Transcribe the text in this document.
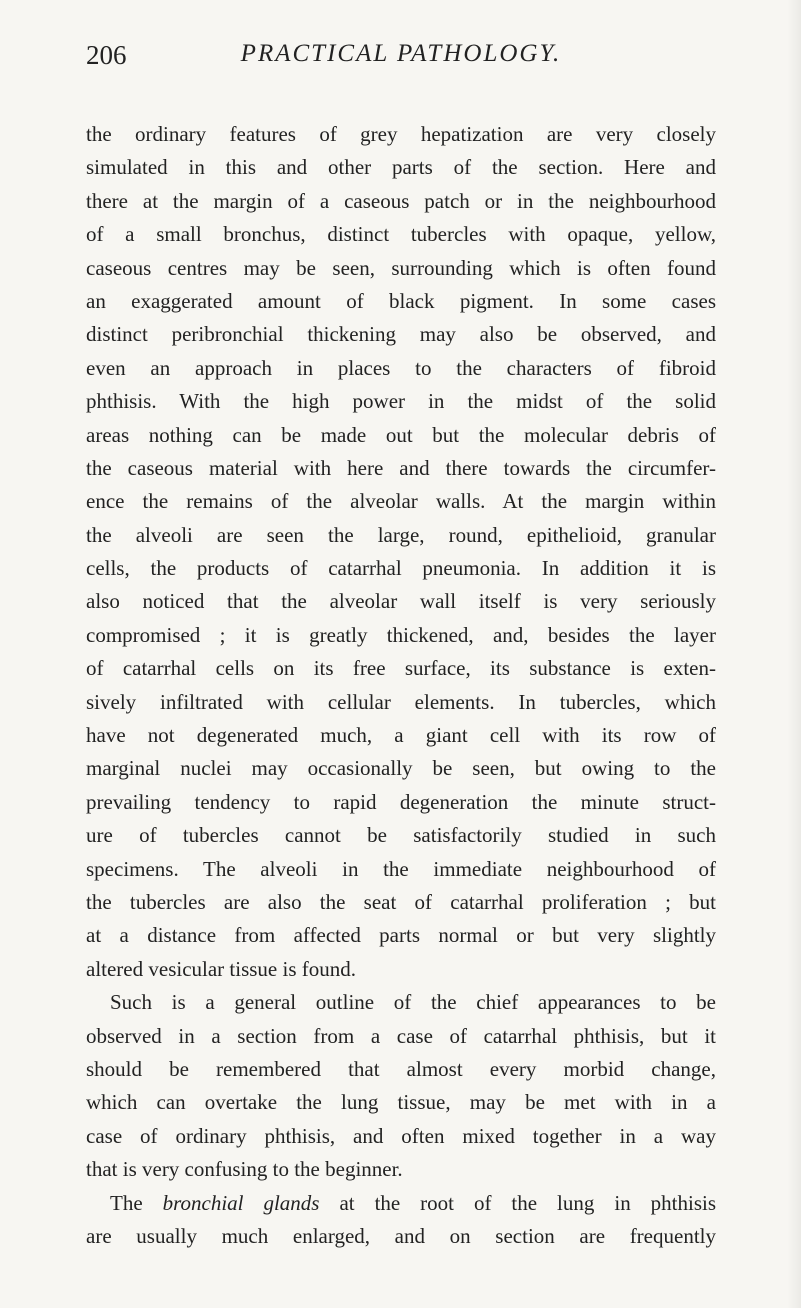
206	PRACTICAL PATHOLOGY.
the ordinary features of grey hepatization are very closely
simulated in this and other parts of the section. Here and
there at the margin of a caseous patch or in the neighbourhood
of a small bronchus, distinct tubercles with opaque, yellow,
caseous centres may be seen, surrounding which is often found
an exaggerated amount of black pigment. In some cases
distinct peribronchial thickening may also be observed, and
even an approach in places to the characters of fibroid
phthisis. With the high power in the midst of the solid
areas nothing can be made out but the molecular debris of
the caseous material with here and there towards the circumfer-
ence the remains of the alveolar walls. At the margin within
the alveoli are seen the large, round, epithelioid, granular
cells, the products of catarrhal pneumonia. In addition it is
also noticed that the alveolar wall itself is very seriously
compromised ; it is greatly thickened, and, besides the layer
of catarrhal cells on its free surface, its substance is exten-
sively infiltrated with cellular elements. In tubercles, which
have not degenerated much, a giant cell with its row of
marginal nuclei may occasionally be seen, but owing to the
prevailing tendency to rapid degeneration the minute struct-
ure of tubercles cannot be satisfactorily studied in such
specimens. The alveoli in the immediate neighbourhood of
the tubercles are also the seat of catarrhal proliferation ; but
at a distance from affected parts normal or but very slightly
altered vesicular tissue is found.
Such is a general outline of the chief appearances to be
observed in a section from a case of catarrhal phthisis, but it
should be remembered that almost every morbid change,
which can overtake the lung tissue, may be met with in a
case of ordinary phthisis, and often mixed together in a way
that is very confusing to the beginner.
The bronchial glands at the root of the lung in phthisis
are usually much enlarged, and on section are frequently
